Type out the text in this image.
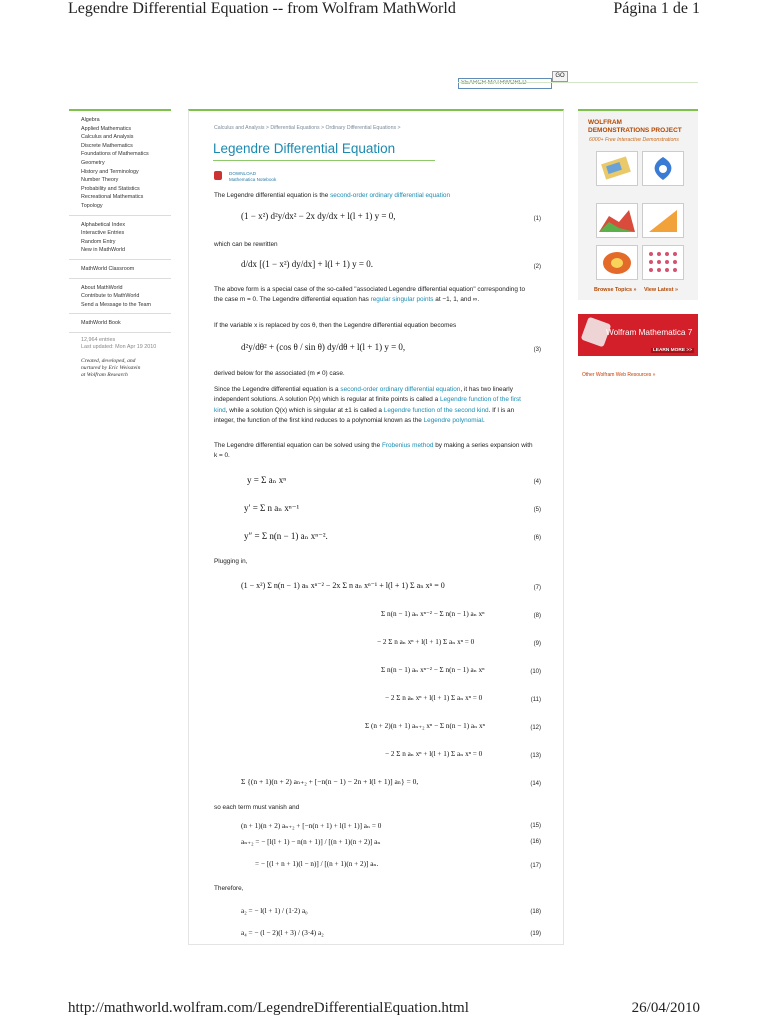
Legendre Differential Equation -- from Wolfram MathWorld	Página 1 de 1
SEARCH MATHWORLD
GO
Algebra
Applied Mathematics
Calculus and Analysis
Discrete Mathematics
Foundations of Mathematics
Geometry
History and Terminology
Number Theory
Probability and Statistics
Recreational Mathematics
Topology
Alphabetical Index
Interactive Entries
Random Entry
New in MathWorld
MathWorld Classroom
About MathWorld
Contribute to MathWorld
Send a Message to the Team
MathWorld Book
12,964 entries
Last updated: Mon Apr 19 2010
Created, developed, and
nurtured by Eric Weisstein
at Wolfram Research
Calculus and Analysis > Differential Equations > Ordinary Differential Equations >
Legendre Differential Equation
DOWNLOAD
Mathematica Notebook
The Legendre differential equation is the second-order ordinary differential equation
(1 − x²) d²y/dx² − 2x dy/dx + l(l + 1) y = 0,	(1)
which can be rewritten
d/dx [(1 − x²) dy/dx] + l(l + 1) y = 0.	(2)
The above form is a special case of the so-called "associated Legendre differential equation" corresponding to the case m = 0. The Legendre differential equation has regular singular points at −1, 1, and ∞.
If the variable x is replaced by cos θ, then the Legendre differential equation becomes
d²y/dθ² + (cos θ / sin θ) dy/dθ + l(l + 1) y = 0,	(3)
derived below for the associated (m ≠ 0) case.
Since the Legendre differential equation is a second-order ordinary differential equation, it has two linearly independent solutions. A solution P(x) which is regular at finite points is called a Legendre function of the first kind, while a solution Q(x) which is singular at ±1 is called a Legendre function of the second kind. If l is an integer, the function of the first kind reduces to a polynomial known as the Legendre polynomial.
The Legendre differential equation can be solved using the Frobenius method by making a series expansion with k = 0.
y = Σ aₙ xⁿ	(4)
y′ = Σ n aₙ xⁿ⁻¹	(5)
y″ = Σ n(n − 1) aₙ xⁿ⁻².	(6)
Plugging in,
(1 − x²) Σ n(n − 1) aₙ xⁿ⁻² − 2x Σ n aₙ xⁿ⁻¹ + l(l + 1) Σ aₙ xⁿ = 0	(7)
Σ n(n − 1) aₙ xⁿ⁻² − Σ n(n − 1) aₙ xⁿ	(8)
− 2 Σ n aₙ xⁿ + l(l + 1) Σ aₙ xⁿ = 0	(9)
Σ n(n − 1) aₙ xⁿ⁻² − Σ n(n − 1) aₙ xⁿ	(10)
− 2 Σ n aₙ xⁿ + l(l + 1) Σ aₙ xⁿ = 0	(11)
Σ (n + 2)(n + 1) aₙ₊₂ xⁿ − Σ n(n − 1) aₙ xⁿ	(12)
− 2 Σ n aₙ xⁿ + l(l + 1) Σ aₙ xⁿ = 0	(13)
Σ {(n + 1)(n + 2) aₙ₊₂ + [−n(n − 1) − 2n + l(l + 1)] aₙ} = 0,	(14)
so each term must vanish and
(n + 1)(n + 2) aₙ₊₂ + [−n(n + 1) + l(l + 1)] aₙ = 0	(15)
aₙ₊₂ = − [l(l + 1) − n(n + 1)] / [(n + 1)(n + 2)] aₙ	(16)
= − [(l + n + 1)(l − n)] / [(n + 1)(n + 2)] aₙ.	(17)
Therefore,
a₂ = − l(l + 1) / (1·2) a₀	(18)
a₄ = − (l − 2)(l + 3) / (3·4) a₂	(19)
WOLFRAM
DEMONSTRATIONS PROJECT
6000+ Free Interactive Demonstrations
Browse Topics » View Latest »
Wolfram Mathematica 7
LEARN MORE >>
Other Wolfram Web Resources »
http://mathworld.wolfram.com/LegendreDifferentialEquation.html	26/04/2010
